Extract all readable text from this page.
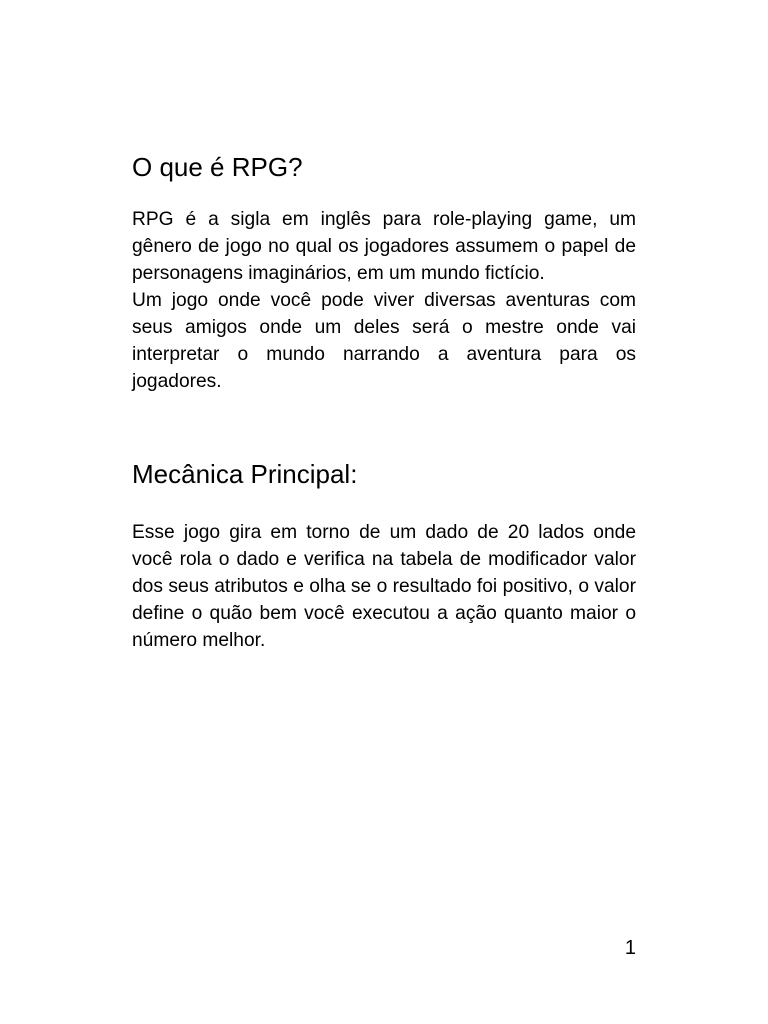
O que é RPG?

RPG é a sigla em inglês para role-playing game, um gênero de jogo no qual os jogadores assumem o papel de personagens imaginários, em um mundo fictício.

Um jogo onde você pode viver diversas aventuras com seus amigos onde um deles será o mestre onde vai interpretar o mundo narrando a aventura para os jogadores.

Mecânica Principal:

Esse jogo gira em torno de um dado de 20 lados onde você rola o dado e verifica na tabela de modificador valor dos seus atributos e olha se o resultado foi positivo, o valor define o quão bem você executou a ação quanto maior o número melhor.

1
